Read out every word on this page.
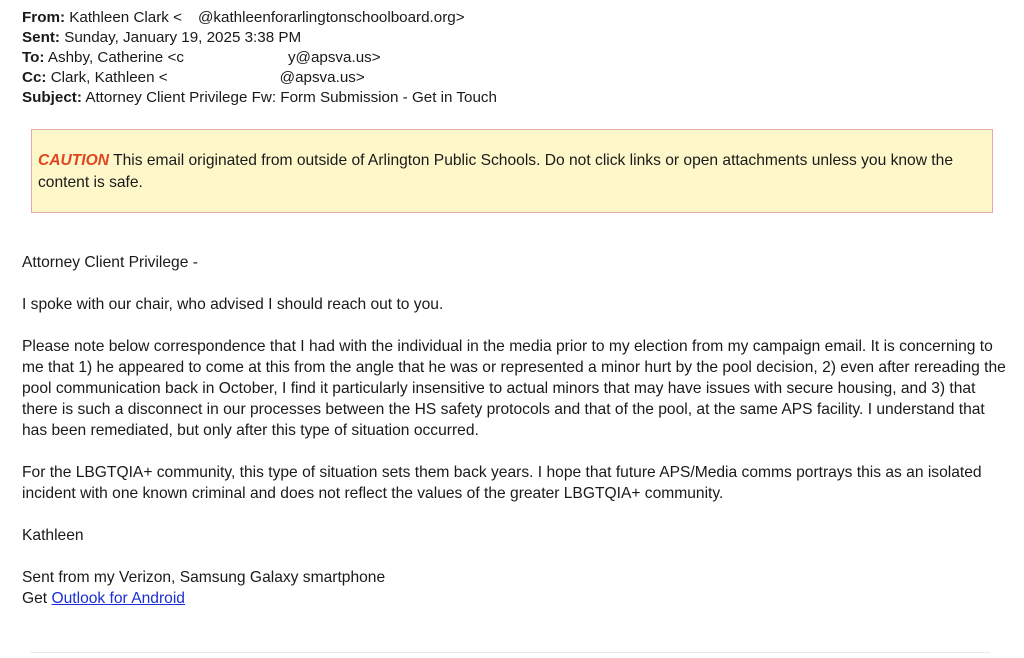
From: Kathleen Clark < @kathleenforarlingtonschoolboard.org>
Sent: Sunday, January 19, 2025 3:38 PM
To: Ashby, Catherine <c	y@apsva.us>
Cc: Clark, Kathleen <	@apsva.us>
Subject: Attorney Client Privilege Fw: Form Submission - Get in Touch
CAUTION This email originated from outside of Arlington Public Schools. Do not click links or open attachments unless you know the content is safe.

Attorney Client Privilege -

I spoke with our chair, who advised I should reach out to you.

Please note below correspondence that I had with the individual in the media prior to my election from my campaign email. It is concerning to me that 1) he appeared to come at this from the angle that he was or represented a minor hurt by the pool decision, 2) even after rereading the pool communication back in October, I find it particularly insensitive to actual minors that may have issues with secure housing, and 3) that there is such a disconnect in our processes between the HS safety protocols and that of the pool, at the same APS facility. I understand that has been remediated, but only after this type of situation occurred.

For the LBGTQIA+ community, this type of situation sets them back years. I hope that future APS/Media comms portrays this as an isolated incident with one known criminal and does not reflect the values of the greater LBGTQIA+ community.

Kathleen

Sent from my Verizon, Samsung Galaxy smartphone
Get Outlook for Android
